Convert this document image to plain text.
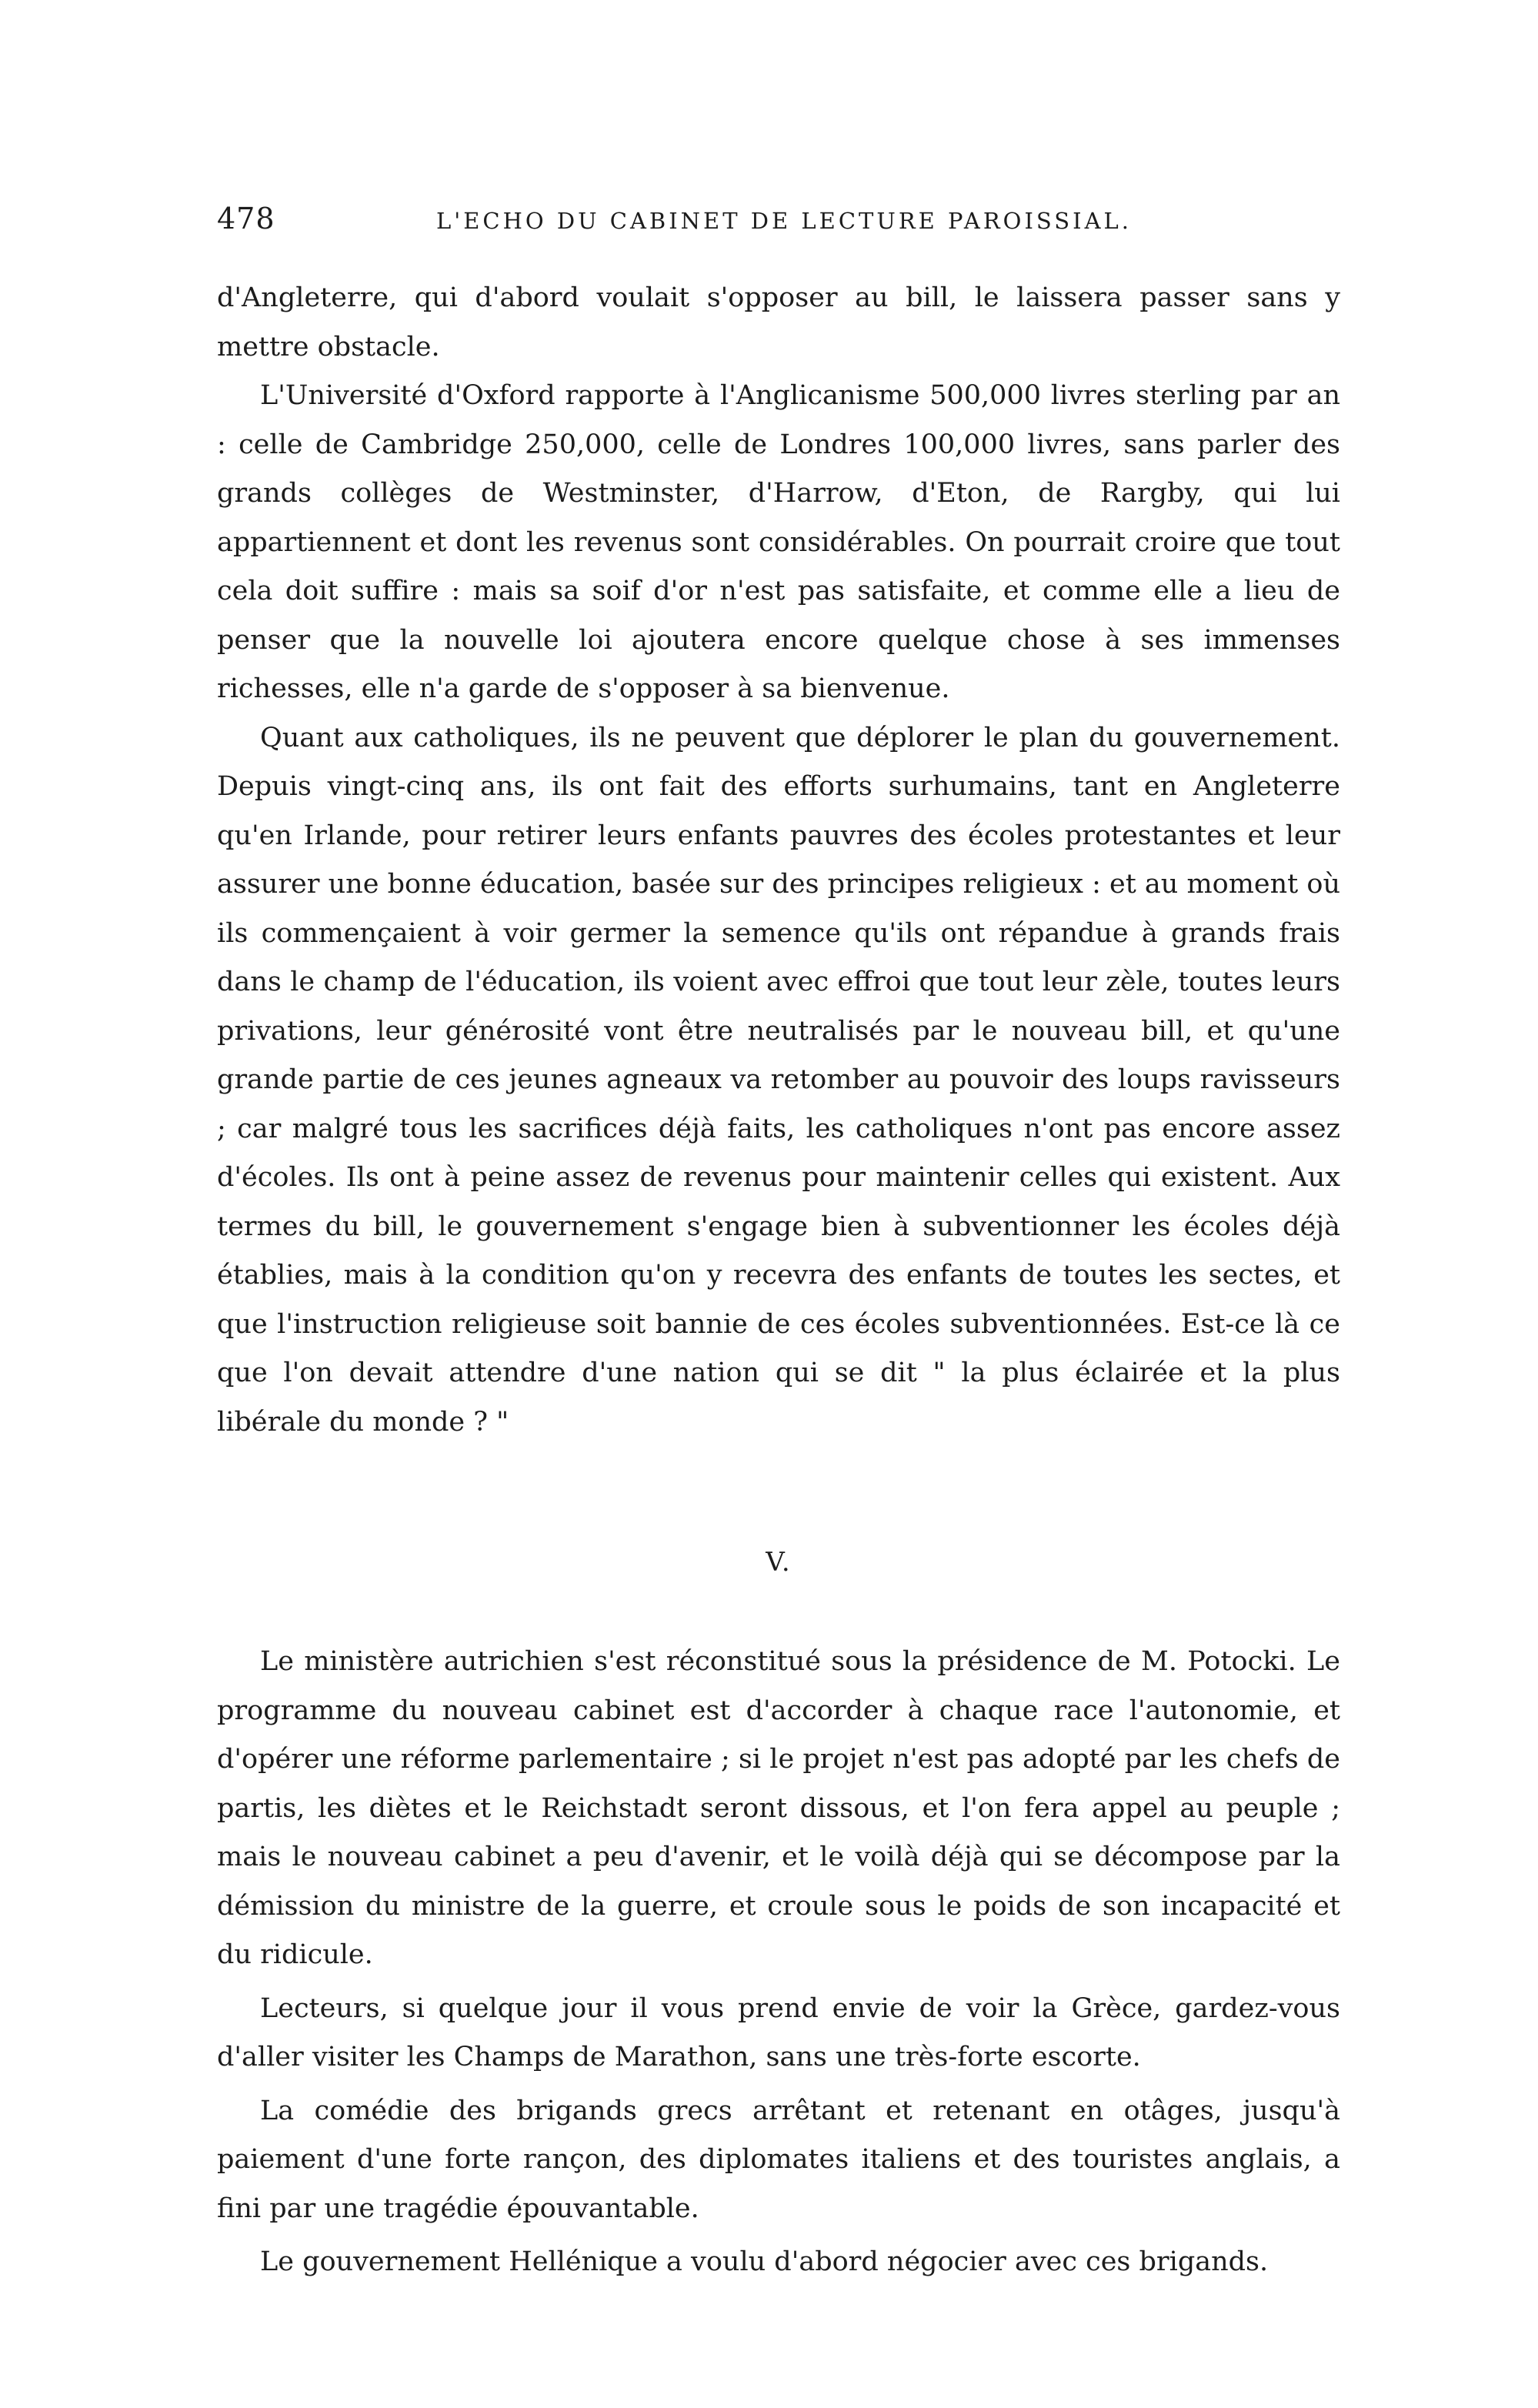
478	L'ECHO DU CABINET DE LECTURE PAROISSIAL.

d'Angleterre, qui d'abord voulait s'opposer au bill, le laissera passer sans y mettre obstacle.

L'Université d'Oxford rapporte à l'Anglicanisme 500,000 livres sterling par an : celle de Cambridge 250,000, celle de Londres 100,000 livres, sans parler des grands collèges de Westminster, d'Harrow, d'Eton, de Rargby, qui lui appartiennent et dont les revenus sont considérables. On pourrait croire que tout cela doit suffire : mais sa soif d'or n'est pas satisfaite, et comme elle a lieu de penser que la nouvelle loi ajoutera encore quelque chose à ses immenses richesses, elle n'a garde de s'opposer à sa bienvenue.

Quant aux catholiques, ils ne peuvent que déplorer le plan du gouvernement. Depuis vingt-cinq ans, ils ont fait des efforts surhumains, tant en Angleterre qu'en Irlande, pour retirer leurs enfants pauvres des écoles protestantes et leur assurer une bonne éducation, basée sur des principes religieux : et au moment où ils commençaient à voir germer la semence qu'ils ont répandue à grands frais dans le champ de l'éducation, ils voient avec effroi que tout leur zèle, toutes leurs privations, leur générosité vont être neutralisés par le nouveau bill, et qu'une grande partie de ces jeunes agneaux va retomber au pouvoir des loups ravisseurs ; car malgré tous les sacrifices déjà faits, les catholiques n'ont pas encore assez d'écoles. Ils ont à peine assez de revenus pour maintenir celles qui existent. Aux termes du bill, le gouvernement s'engage bien à subventionner les écoles déjà établies, mais à la condition qu'on y recevra des enfants de toutes les sectes, et que l'instruction religieuse soit bannie de ces écoles subventionnées. Est-ce là ce que l'on devait attendre d'une nation qui se dit " la plus éclairée et la plus libérale du monde ? "

V.

Le ministère autrichien s'est réconstitué sous la présidence de M. Potocki. Le programme du nouveau cabinet est d'accorder à chaque race l'autonomie, et d'opérer une réforme parlementaire ; si le projet n'est pas adopté par les chefs de partis, les diètes et le Reichstadt seront dissous, et l'on fera appel au peuple ; mais le nouveau cabinet a peu d'avenir, et le voilà déjà qui se décompose par la démission du ministre de la guerre, et croule sous le poids de son incapacité et du ridicule.

Lecteurs, si quelque jour il vous prend envie de voir la Grèce, gardez-vous d'aller visiter les Champs de Marathon, sans une très-forte escorte.

La comédie des brigands grecs arrêtant et retenant en otâges, jusqu'à paiement d'une forte rançon, des diplomates italiens et des touristes anglais, a fini par une tragédie épouvantable.

Le gouvernement Hellénique a voulu d'abord négocier avec ces brigands.
